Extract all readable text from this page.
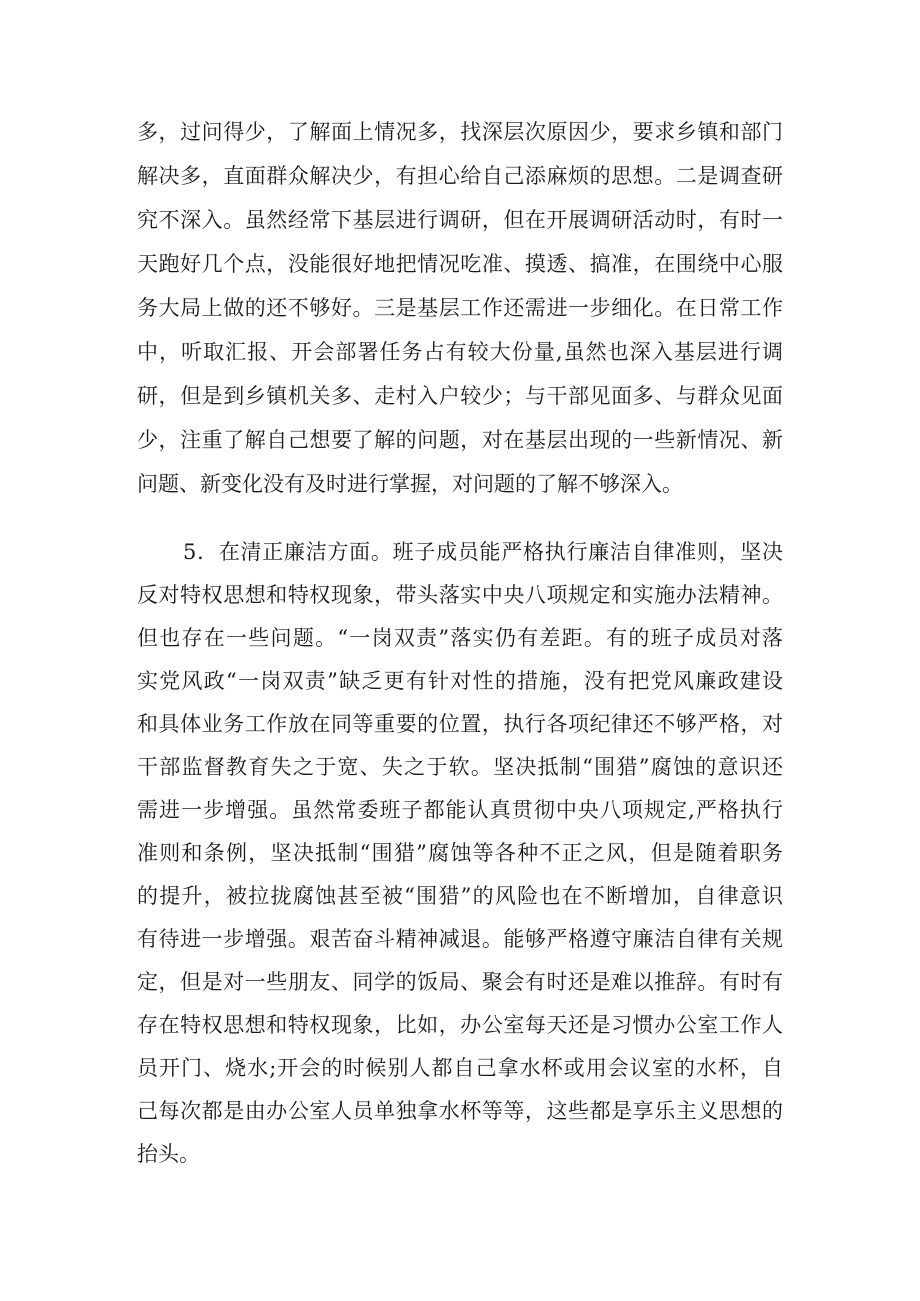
多，过问得少，了解面上情况多，找深层次原因少，要求乡镇和部门
解决多，直面群众解决少，有担心给自己添麻烦的思想。二是调查研
究不深入。虽然经常下基层进行调研，但在开展调研活动时，有时一
天跑好几个点，没能很好地把情况吃准、摸透、搞准，在围绕中心服
务大局上做的还不够好。三是基层工作还需进一步细化。在日常工作
中，听取汇报、开会部署任务占有较大份量,虽然也深入基层进行调
研，但是到乡镇机关多、走村入户较少；与干部见面多、与群众见面
少，注重了解自己想要了解的问题，对在基层出现的一些新情况、新
问题、新变化没有及时进行掌握，对问题的了解不够深入。
5．在清正廉洁方面。班子成员能严格执行廉洁自律准则，坚决
反对特权思想和特权现象，带头落实中央八项规定和实施办法精神。
但也存在一些问题。“一岗双责”落实仍有差距。有的班子成员对落
实党风政“一岗双责”缺乏更有针对性的措施，没有把党风廉政建设
和具体业务工作放在同等重要的位置，执行各项纪律还不够严格，对
干部监督教育失之于宽、失之于软。坚决抵制“围猎”腐蚀的意识还
需进一步增强。虽然常委班子都能认真贯彻中央八项规定,严格执行
准则和条例，坚决抵制“围猎”腐蚀等各种不正之风，但是随着职务
的提升，被拉拢腐蚀甚至被“围猎”的风险也在不断增加，自律意识
有待进一步增强。艰苦奋斗精神减退。能够严格遵守廉洁自律有关规
定，但是对一些朋友、同学的饭局、聚会有时还是难以推辞。有时有
存在特权思想和特权现象，比如，办公室每天还是习惯办公室工作人
员开门、烧水;开会的时候别人都自己拿水杯或用会议室的水杯，自
己每次都是由办公室人员单独拿水杯等等，这些都是享乐主义思想的
抬头。
